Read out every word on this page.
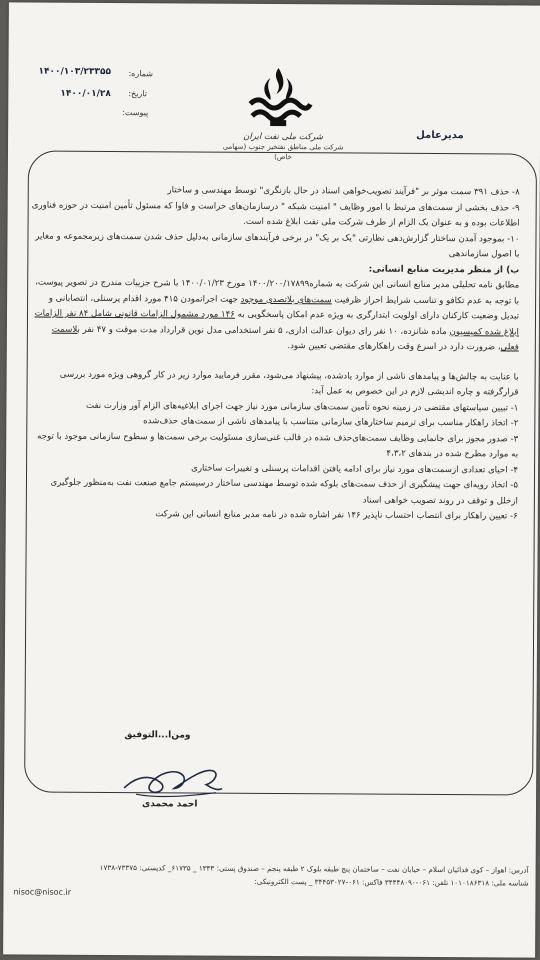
شرکت ملی نفت ایران
شرکت ملی مناطق نفتخیز جنوب (سهامی خاص)
شماره:
۱۴۰۰/۱۰۳/۲۳۳۵۵
تاریخ:
۱۴۰۰/۰۱/۲۸
پیوست:
مدیرعامل

۸- حذف ۳۹۱ سمت موثر بر "فرآیند تصویب‌خواهی اسناد در حال بازنگری" توسط مهندسی و ساختار

۹- حذف بخشی از سمت‌های مرتبط با امور وظایف " امنیت شبکه " درسازمان‌های حراست و فاوا که مسئول تأمین امنیت در حوزه فناوری اطلاعات بوده و به عنوان یک الزام از طرف شرکت ملی نفت ابلاغ شده است.

۱۰- بموجود آمدن ساختار گزارش‌دهی نظارتی "یک بر یک" در برخی فرآیندهای سازمانی به‌دلیل حذف شدن سمت‌های زیرمجموعه و مغایر با اصول سازماندهی

ب) از منظر مدیریت منابع انسانی:

مطابق نامه تحلیلی مدیر منابع انسانی این شرکت به شماره۱۴۰۰/۲۰۰/۱۷۸۹۹ مورخ ۱۴۰۰/۰۱/۲۳ با شرح جزییات مندرج در تصویر پیوست، با توجه به عدم تکافو و تناسب شرایط احراز ظرفیت سمت‌های بلاتصدی موجود جهت اجرانمودن ۴۱۵ مورد اقدام پرسنلی، انتصابانی و تبدیل وضعیت کارکنان دارای اولویت ابتدارگری به ویژه عدم امکان پاسخگویی به ۱۴۶ مورد مشمول الزامات قانونی شامل ۸۴ نفر الزامات ابلاغ شده کمیسیون ماده شانزده، ۱۰ نفر رای دیوان عدالت اداری، ۵ نفر استخدامی مدل نوین قرارداد مدت موقت و ۴۷ نفر بلاسمت فعلی، ضرورت دارد در اسرع وقت راهکارهای مقتضی تعیین شود.

با عنایت به چالش‌ها و پیامدهای ناشی از موارد یادشده، پیشنهاد می‌شود، مقرر فرمایید موارد زیر در کار گروهی ویژه مورد بررسی قرارگرفته و چاره اندیشی لازم در این خصوص به عمل آید:

۱- تبیین سیاستهای مقتضی در زمینه نحوه تأمین سمت‌های سازمانی مورد نیاز جهت اجرای ابلاغیه‌های الزام آور وزارت نفت

۲- اتخاذ راهکار مناسب برای ترمیم ساختارهای سازمانی متناسب با پیامدهای ناشی از سمت‌های حذف‌شده

۳- صدور مجوز برای جانمایی وظایف سمت‌های‌حذف شده در قالب غنی‌سازی مسئولیت برخی سمت‌ها و سطوح سازمانی موجود با توجه به موارد مطرح شده در بندهای ۴،۳،۲

۴- احیای تعدادی ازسمت‌های مورد نیاز برای ادامه یافتن اقدامات پرسنلی و تغییرات ساختاری

۵- اتخاذ رویه‌ای جهت پیشگیری از حذف سمت‌های بلوکه شده توسط مهندسی ساختار درسیستم جامع صنعت نفت به‌منظور جلوگیری ازخلل و توقف در روند تصویب خواهی اسناد

۶- تعیین راهکار برای انتصاب احتساب ناپذیر ۱۴۶ نفر اشاره شده در نامه مدیر منابع انسانی این شرکت

ومن‌ا...التوفیق
احمد محمدی
آدرس: اهواز – کوی فدائیان اسلام – خیابان نفت – ساختمان پنج طبقه بلوک ۲ طبقه پنجم – صندوق پستی: ۱۳۳۳ _ ۶۱۷۳۵_ کدپستی: ۷۳۳۷۵-۱۷۳۸
شناسه ملی: ۱۰۱۰۱۸۶۳۱۸ تلفن: ۰۶۱-۳۴۴۴۸۰۹۰ فاکس: ۰۶۱-۳۴۴۵۳۰۲۷ _ پست الکترونیکی:
nisoc@nisoc.ir
